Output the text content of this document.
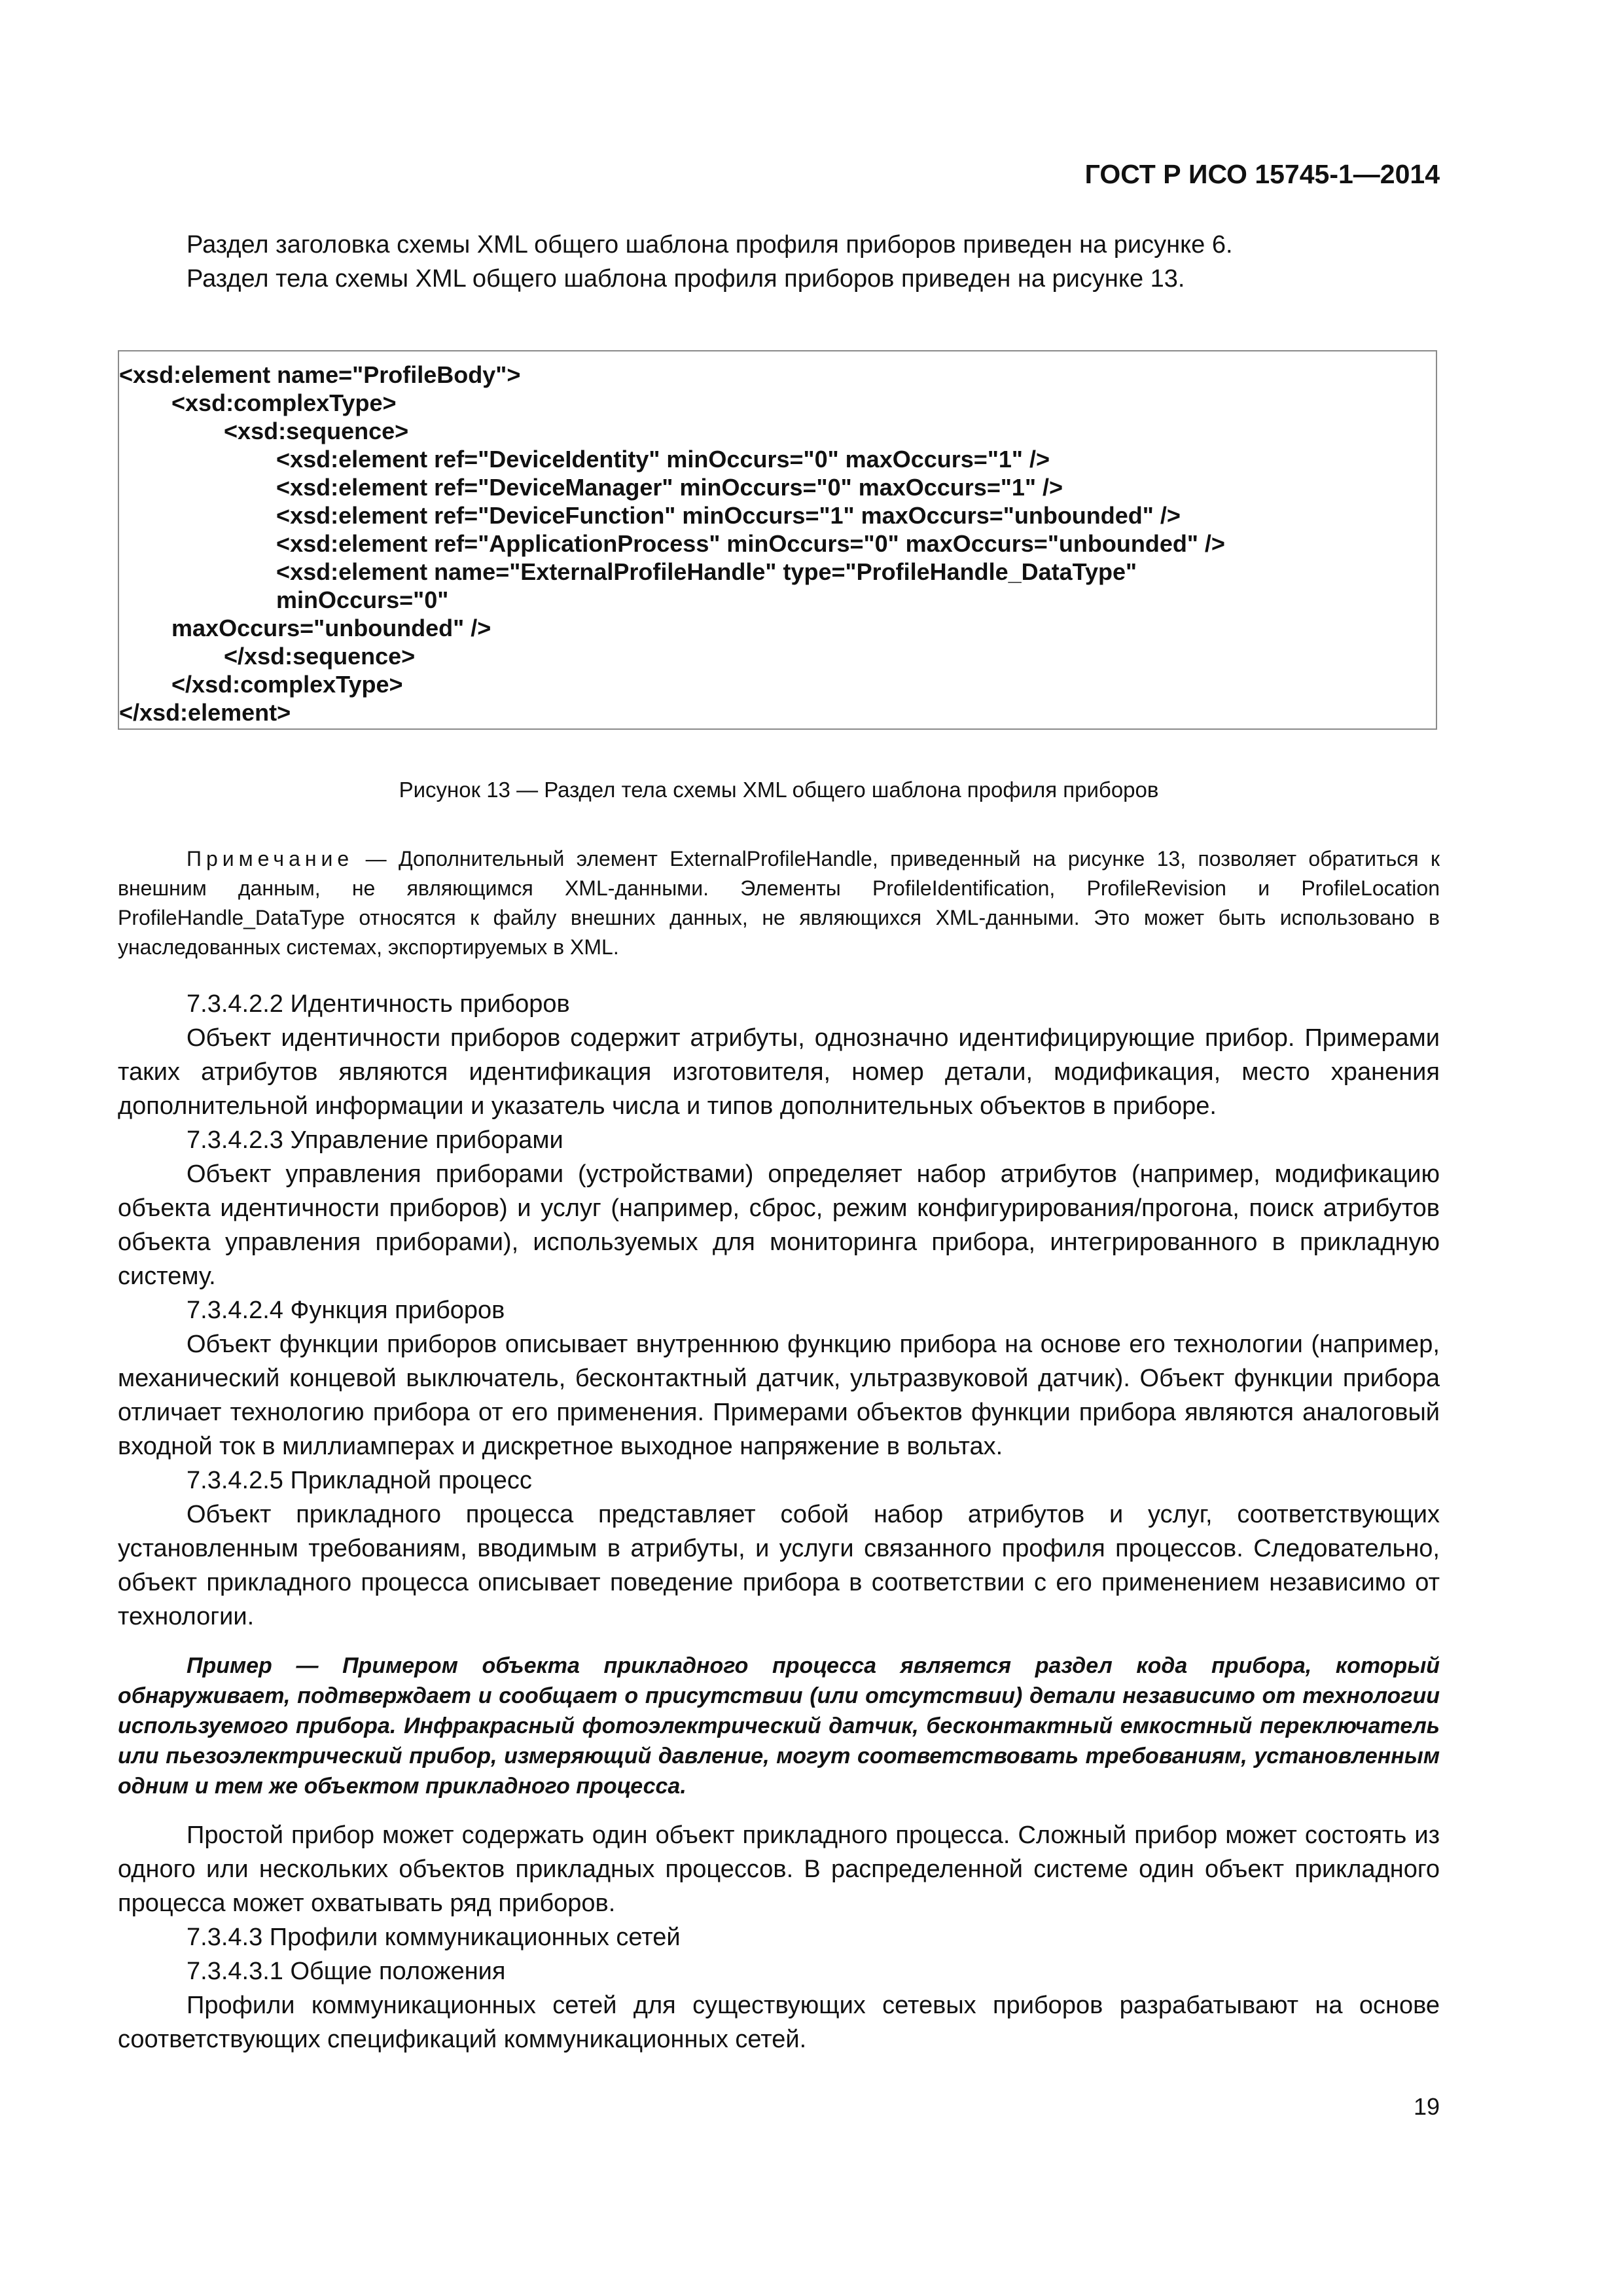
ГОСТ Р ИСО 15745-1—2014

Раздел заголовка схемы XML общего шаблона профиля приборов приведен на рисунке 6.

Раздел тела схемы XML общего шаблона профиля приборов приведен на рисунке 13.

<xsd:element name="ProfileBody">
<xsd:complexType>
<xsd:sequence>
<xsd:element ref="DeviceIdentity" minOccurs="0" maxOccurs="1" />
<xsd:element ref="DeviceManager" minOccurs="0" maxOccurs="1" />
<xsd:element ref="DeviceFunction" minOccurs="1" maxOccurs="unbounded" />
<xsd:element ref="ApplicationProcess" minOccurs="0" maxOccurs="unbounded" />
<xsd:element name="ExternalProfileHandle" type="ProfileHandle_DataType"
minOccurs="0"
maxOccurs="unbounded" />
</xsd:sequence>
</xsd:complexType>
</xsd:element>
Рисунок 13 — Раздел тела схемы XML общего шаблона профиля приборов

Примечание — Дополнительный элемент ExternalProfileHandle, приведенный на рисунке 13, позволяет обратиться к внешним данным, не являющимся XML-данными. Элементы ProfileIdentification, ProfileRevision и ProfileLocation ProfileHandle_DataType относятся к файлу внешних данных, не являющихся XML-данными. Это может быть использовано в унаследованных системах, экспортируемых в XML.

7.3.4.2.2 Идентичность приборов

Объект идентичности приборов содержит атрибуты, однозначно идентифицирующие прибор. Примерами таких атрибутов являются идентификация изготовителя, номер детали, модификация, место хранения дополнительной информации и указатель числа и типов дополнительных объектов в приборе.

7.3.4.2.3 Управление приборами

Объект управления приборами (устройствами) определяет набор атрибутов (например, модификацию объекта идентичности приборов) и услуг (например, сброс, режим конфигурирования/прогона, поиск атрибутов объекта управления приборами), используемых для мониторинга прибора, интегрированного в прикладную систему.

7.3.4.2.4 Функция приборов

Объект функции приборов описывает внутреннюю функцию прибора на основе его технологии (например, механический концевой выключатель, бесконтактный датчик, ультразвуковой датчик). Объект функции прибора отличает технологию прибора от его применения. Примерами объектов функции прибора являются аналоговый входной ток в миллиамперах и дискретное выходное напряжение в вольтах.

7.3.4.2.5 Прикладной процесс

Объект прикладного процесса представляет собой набор атрибутов и услуг, соответствующих установленным требованиям, вводимым в атрибуты, и услуги связанного профиля процессов. Следовательно, объект прикладного процесса описывает поведение прибора в соответствии с его применением независимо от технологии.

Пример — Примером объекта прикладного процесса является раздел кода прибора, который обнаруживает, подтверждает и сообщает о присутствии (или отсутствии) детали независимо от технологии используемого прибора. Инфракрасный фотоэлектрический датчик, бесконтактный емкостный переключатель или пьезоэлектрический прибор, измеряющий давление, могут соответствовать требованиям, установленным одним и тем же объектом прикладного процесса.

Простой прибор может содержать один объект прикладного процесса. Сложный прибор может состоять из одного или нескольких объектов прикладных процессов. В распределенной системе один объект прикладного процесса может охватывать ряд приборов.

7.3.4.3 Профили коммуникационных сетей

7.3.4.3.1 Общие положения

Профили коммуникационных сетей для существующих сетевых приборов разрабатывают на основе соответствующих спецификаций коммуникационных сетей.

19
